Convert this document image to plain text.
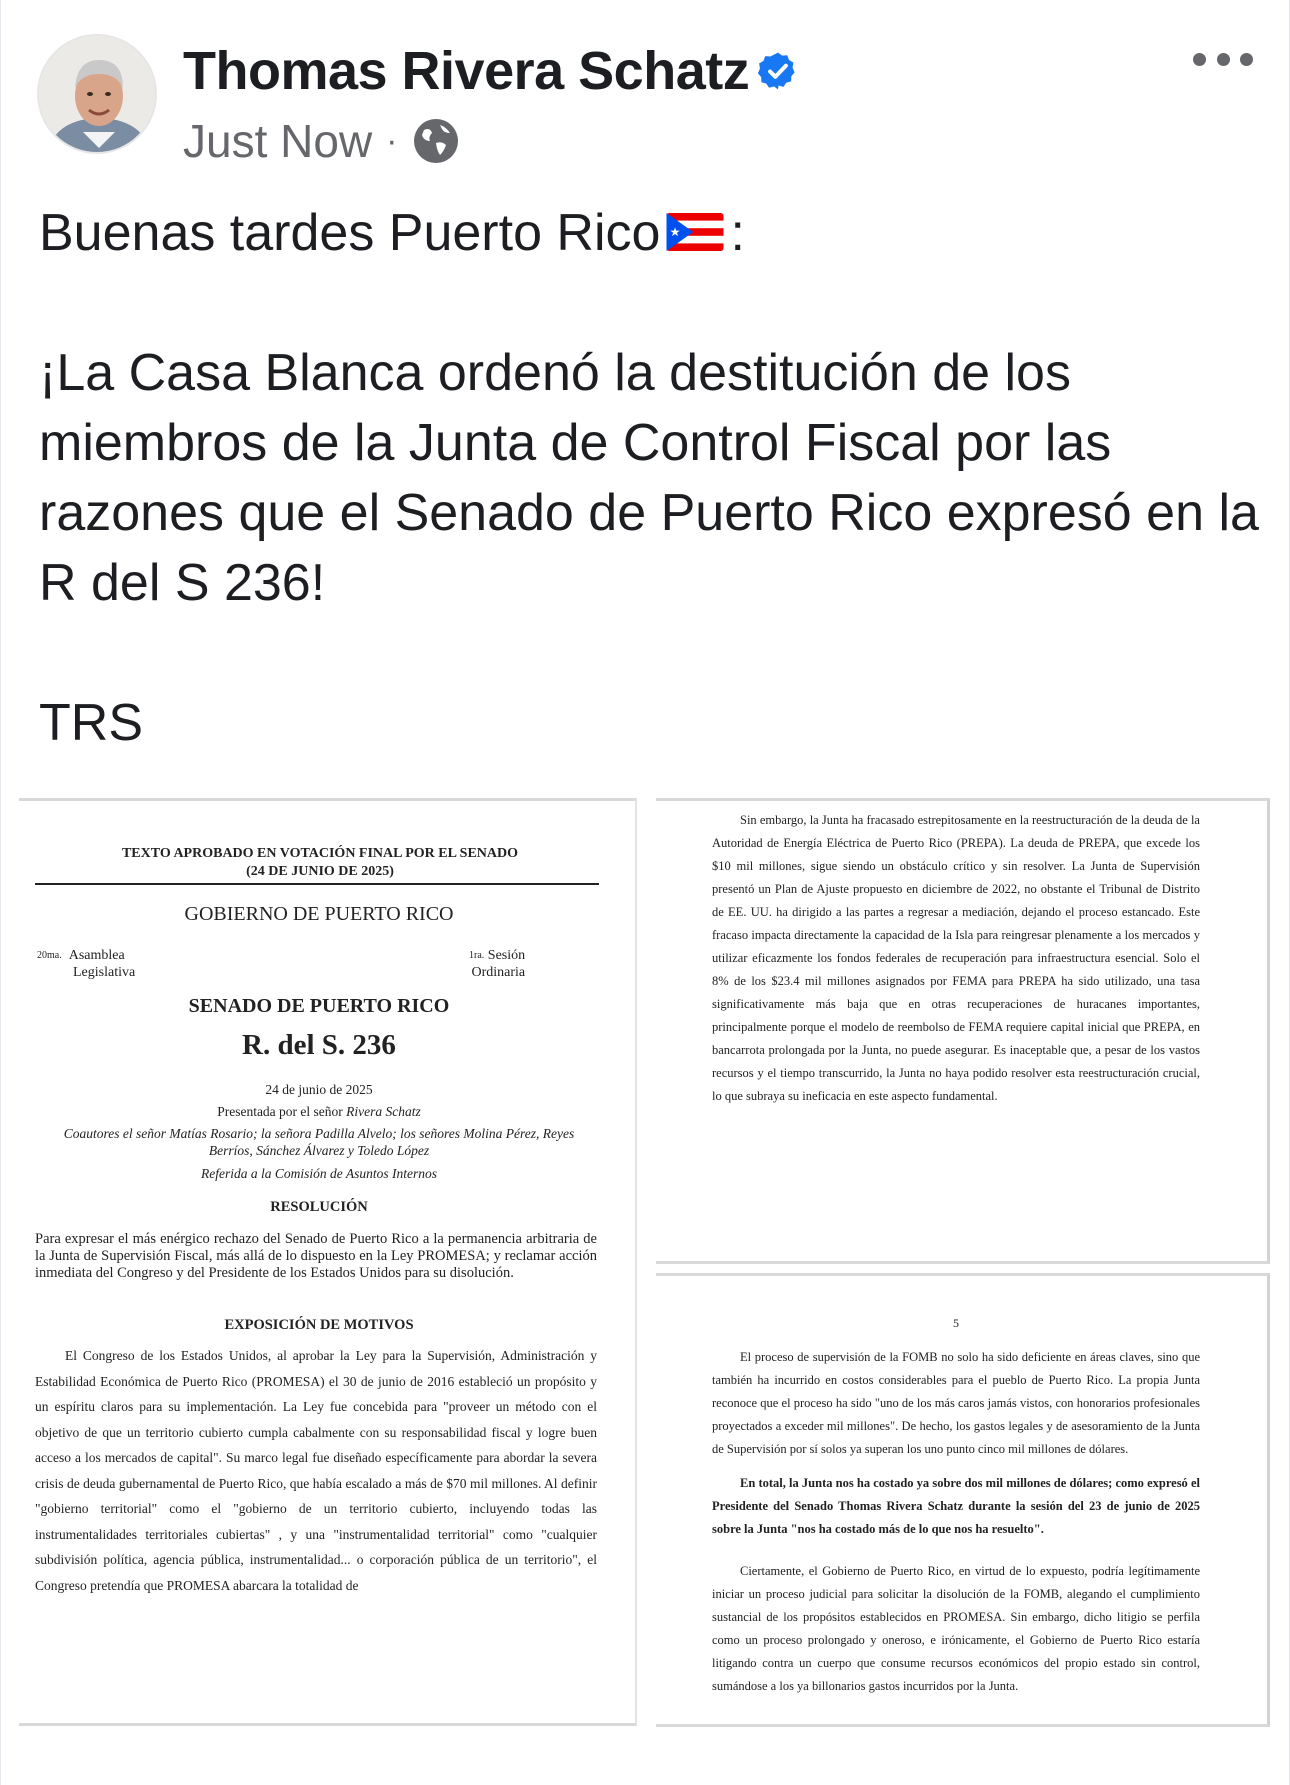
Thomas Rivera Schatz
Just Now ·

Buenas tardes Puerto Rico :

¡La Casa Blanca ordenó la destitución de los miembros de la Junta de Control Fiscal por las razones que el Senado de Puerto Rico expresó en la R del S 236!

TRS

TEXTO APROBADO EN VOTACIÓN FINAL POR EL SENADO
(24 DE JUNIO DE 2025)
GOBIERNO DE PUERTO RICO
$^{20ma.}$ Asamblea
Legislativa
$^{1ra.}$ Sesión
Ordinaria
SENADO DE PUERTO RICO
R. del S. 236
24 de junio de 2025
Presentada por el señor Rivera Schatz
Coautores el señor Matías Rosario; la señora Padilla Alvelo; los señores Molina Pérez, Reyes Berríos, Sánchez Álvarez y Toledo López
Referida a la Comisión de Asuntos Internos
RESOLUCIÓN
Para expresar el más enérgico rechazo del Senado de Puerto Rico a la permanencia arbitraria de la Junta de Supervisión Fiscal, más allá de lo dispuesto en la Ley PROMESA; y reclamar acción inmediata del Congreso y del Presidente de los Estados Unidos para su disolución.
EXPOSICIÓN DE MOTIVOS
El Congreso de los Estados Unidos, al aprobar la Ley para la Supervisión, Administración y Estabilidad Económica de Puerto Rico (PROMESA) el 30 de junio de 2016 estableció un propósito y un espíritu claros para su implementación. La Ley fue concebida para "proveer un método con el objetivo de que un territorio cubierto cumpla cabalmente con su responsabilidad fiscal y logre buen acceso a los mercados de capital". Su marco legal fue diseñado específicamente para abordar la severa crisis de deuda gubernamental de Puerto Rico, que había escalado a más de $70 mil millones. Al definir "gobierno territorial" como el "gobierno de un territorio cubierto, incluyendo todas las instrumentalidades territoriales cubiertas" , y una "instrumentalidad territorial" como "cualquier subdivisión política, agencia pública, instrumentalidad... o corporación pública de un territorio", el Congreso pretendía que PROMESA abarcara la totalidad de
Sin embargo, la Junta ha fracasado estrepitosamente en la reestructuración de la deuda de la Autoridad de Energía Eléctrica de Puerto Rico (PREPA). La deuda de PREPA, que excede los $10 mil millones, sigue siendo un obstáculo crítico y sin resolver. La Junta de Supervisión presentó un Plan de Ajuste propuesto en diciembre de 2022, no obstante el Tribunal de Distrito de EE. UU. ha dirigido a las partes a regresar a mediación, dejando el proceso estancado. Este fracaso impacta directamente la capacidad de la Isla para reingresar plenamente a los mercados y utilizar eficazmente los fondos federales de recuperación para infraestructura esencial. Solo el 8% de los $23.4 mil millones asignados por FEMA para PREPA ha sido utilizado, una tasa significativamente más baja que en otras recuperaciones de huracanes importantes, principalmente porque el modelo de reembolso de FEMA requiere capital inicial que PREPA, en bancarrota prolongada por la Junta, no puede asegurar. Es inaceptable que, a pesar de los vastos recursos y el tiempo transcurrido, la Junta no haya podido resolver esta reestructuración crucial, lo que subraya su ineficacia en este aspecto fundamental.
5
El proceso de supervisión de la FOMB no solo ha sido deficiente en áreas claves, sino que también ha incurrido en costos considerables para el pueblo de Puerto Rico. La propia Junta reconoce que el proceso ha sido "uno de los más caros jamás vistos, con honorarios profesionales proyectados a exceder mil millones". De hecho, los gastos legales y de asesoramiento de la Junta de Supervisión por sí solos ya superan los uno punto cinco mil millones de dólares.
En total, la Junta nos ha costado ya sobre dos mil millones de dólares; como expresó el Presidente del Senado Thomas Rivera Schatz durante la sesión del 23 de junio de 2025 sobre la Junta "nos ha costado más de lo que nos ha resuelto".
Ciertamente, el Gobierno de Puerto Rico, en virtud de lo expuesto, podría legítimamente iniciar un proceso judicial para solicitar la disolución de la FOMB, alegando el cumplimiento sustancial de los propósitos establecidos en PROMESA. Sin embargo, dicho litigio se perfila como un proceso prolongado y oneroso, e irónicamente, el Gobierno de Puerto Rico estaría litigando contra un cuerpo que consume recursos económicos del propio estado sin control, sumándose a los ya billonarios gastos incurridos por la Junta.
